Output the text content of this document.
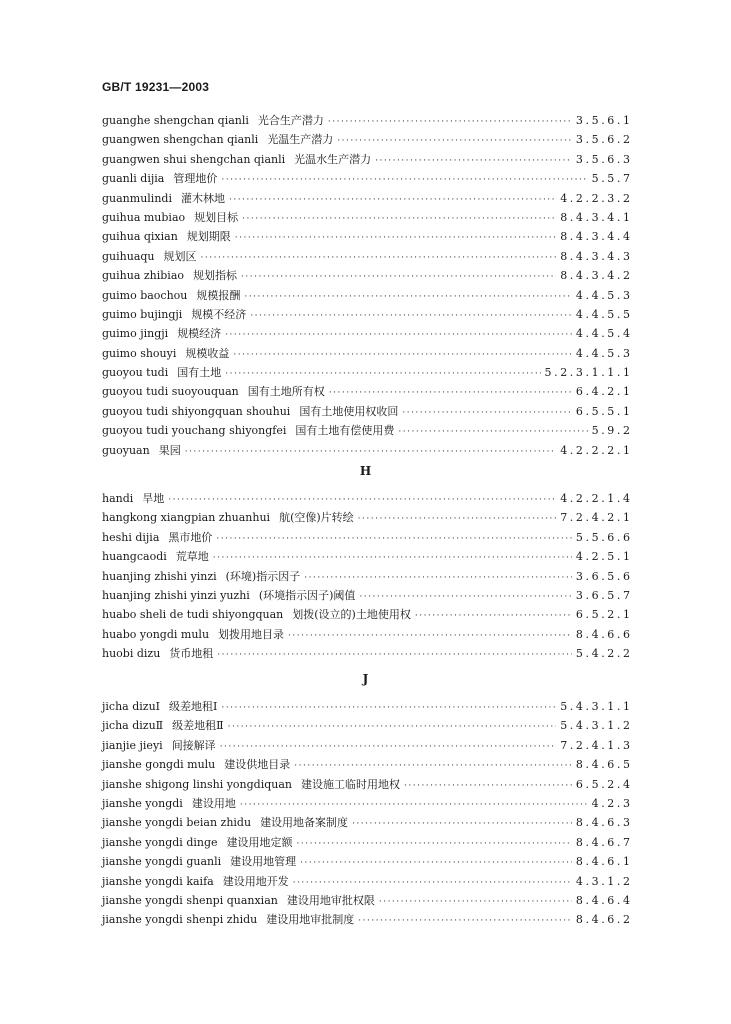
GB/T 19231—2003
guanghe shengchan qianli 光合生产潜力 ·····	3.5.6.1
guangwen shengchan qianli 光温生产潜力 ·····	3.5.6.2
guangwen shui shengchan qianli 光温水生产潜力 ·····	3.5.6.3
guanli dijia 管理地价 ·····	5.5.7
guanmulindi 灌木林地 ·····	4.2.2.3.2
guihua mubiao 规划目标 ·····	8.4.3.4.1
guihua qixian 规划期限 ·····	8.4.3.4.4
guihuaqu 规划区 ·····	8.4.3.4.3
guihua zhibiao 规划指标 ·····	8.4.3.4.2
guimo baochou 规模报酬 ·····	4.4.5.3
guimo bujingji 规模不经济 ·····	4.4.5.5
guimo jingji 规模经济 ·····	4.4.5.4
guimo shouyi 规模收益 ·····	4.4.5.3
guoyou tudi 国有土地 ·····	5.2.3.1.1.1
guoyou tudi suoyouquan 国有土地所有权 ·····	6.4.2.1
guoyou tudi shiyongquan shouhui 国有土地使用权收回 ·····	6.5.5.1
guoyou tudi youchang shiyongfei 国有土地有偿使用费 ·····	5.9.2
guoyuan 果园 ·····	4.2.2.2.1
H
handi 旱地 ·····	4.2.2.1.4
hangkong xiangpian zhuanhui 航(空像)片转绘 ·····	7.2.4.2.1
heshi dijia 黑市地价 ·····	5.5.6.6
huangcaodi 荒草地 ·····	4.2.5.1
huanjing zhishi yinzi (环境)指示因子 ·····	3.6.5.6
huanjing zhishi yinzi yuzhi (环境指示因子)阈值 ·····	3.6.5.7
huabo sheli de tudi shiyongquan 划拨(设立的)土地使用权 ·····	6.5.2.1
huabo yongdi mulu 划拨用地目录 ·····	8.4.6.6
huobi dizu 货币地租 ·····	5.4.2.2
J
jicha dizuⅠ 级差地租Ⅰ ·····	5.4.3.1.1
jicha dizuⅡ 级差地租Ⅱ ·····	5.4.3.1.2
jianjie jieyi 间接解译 ·····	7.2.4.1.3
jianshe gongdi mulu 建设供地目录 ·····	8.4.6.5
jianshe shigong linshi yongdiquan 建设施工临时用地权 ·····	6.5.2.4
jianshe yongdi 建设用地 ·····	4.2.3
jianshe yongdi beian zhidu 建设用地备案制度 ·····	8.4.6.3
jianshe yongdi dinge 建设用地定额 ·····	8.4.6.7
jianshe yongdi guanli 建设用地管理 ·····	8.4.6.1
jianshe yongdi kaifa 建设用地开发 ·····	4.3.1.2
jianshe yongdi shenpi quanxian 建设用地审批权限 ·····	8.4.6.4
jianshe yongdi shenpi zhidu 建设用地审批制度 ·····	8.4.6.2
